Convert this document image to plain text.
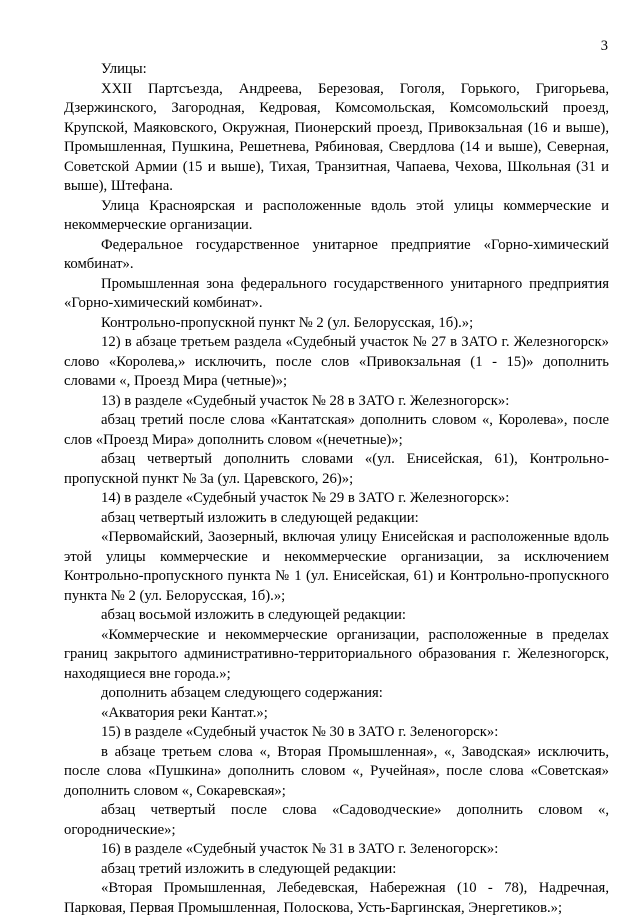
3

Улицы:

XXII Партсъезда, Андреева, Березовая, Гоголя, Горького, Григорьева, Дзержинского, Загородная, Кедровая, Комсомольская, Комсомольский проезд, Крупской, Маяковского, Окружная, Пионерский проезд, Привокзальная (16 и выше), Промышленная, Пушкина, Решетнева, Рябиновая, Свердлова (14 и выше), Северная, Советской Армии (15 и выше), Тихая, Транзитная, Чапаева, Чехова, Школьная (31 и выше), Штефана.

Улица Красноярская и расположенные вдоль этой улицы коммерческие и некоммерческие организации.

Федеральное государственное унитарное предприятие «Горно-химический комбинат».

Промышленная зона федерального государственного унитарного предприятия «Горно-химический комбинат».

Контрольно-пропускной пункт № 2 (ул. Белорусская, 1б).»;

12) в абзаце третьем раздела «Судебный участок № 27 в ЗАТО г. Железногорск» слово «Королева,» исключить, после слов «Привокзальная (1 - 15)» дополнить словами «, Проезд Мира (четные)»;

13) в разделе «Судебный участок № 28 в ЗАТО г. Железногорск»:

абзац третий после слова «Кантатская» дополнить словом «, Королева», после слов «Проезд Мира» дополнить словом «(нечетные)»;

абзац четвертый дополнить словами «(ул. Енисейская, 61), Контрольно-пропускной пункт № 3а (ул. Царевского, 26)»;

14) в разделе «Судебный участок № 29 в ЗАТО г. Железногорск»:

абзац четвертый изложить в следующей редакции:

«Первомайский, Заозерный, включая улицу Енисейская и расположенные вдоль этой улицы коммерческие и некоммерческие организации, за исключением Контрольно-пропускного пункта № 1 (ул. Енисейская, 61) и Контрольно-пропускного пункта № 2 (ул. Белорусская, 1б).»;

абзац восьмой изложить в следующей редакции:

«Коммерческие и некоммерческие организации, расположенные в пределах границ закрытого административно-территориального образования г. Железногорск, находящиеся вне города.»;

дополнить абзацем следующего содержания:

«Акватория реки Кантат.»;

15) в разделе «Судебный участок № 30 в ЗАТО г. Зеленогорск»:

в абзаце третьем слова «, Вторая Промышленная», «, Заводская» исключить, после слова «Пушкина» дополнить словом «, Ручейная», после слова «Советская» дополнить словом «, Сокаревская»;

абзац четвертый после слова «Садоводческие» дополнить словом «, огороднические»;

16) в разделе «Судебный участок № 31 в ЗАТО г. Зеленогорск»:

абзац третий изложить в следующей редакции:

«Вторая Промышленная, Лебедевская, Набережная (10 - 78), Надречная, Парковая, Первая Промышленная, Полоскова, Усть-Баргинская, Энергетиков.»;
